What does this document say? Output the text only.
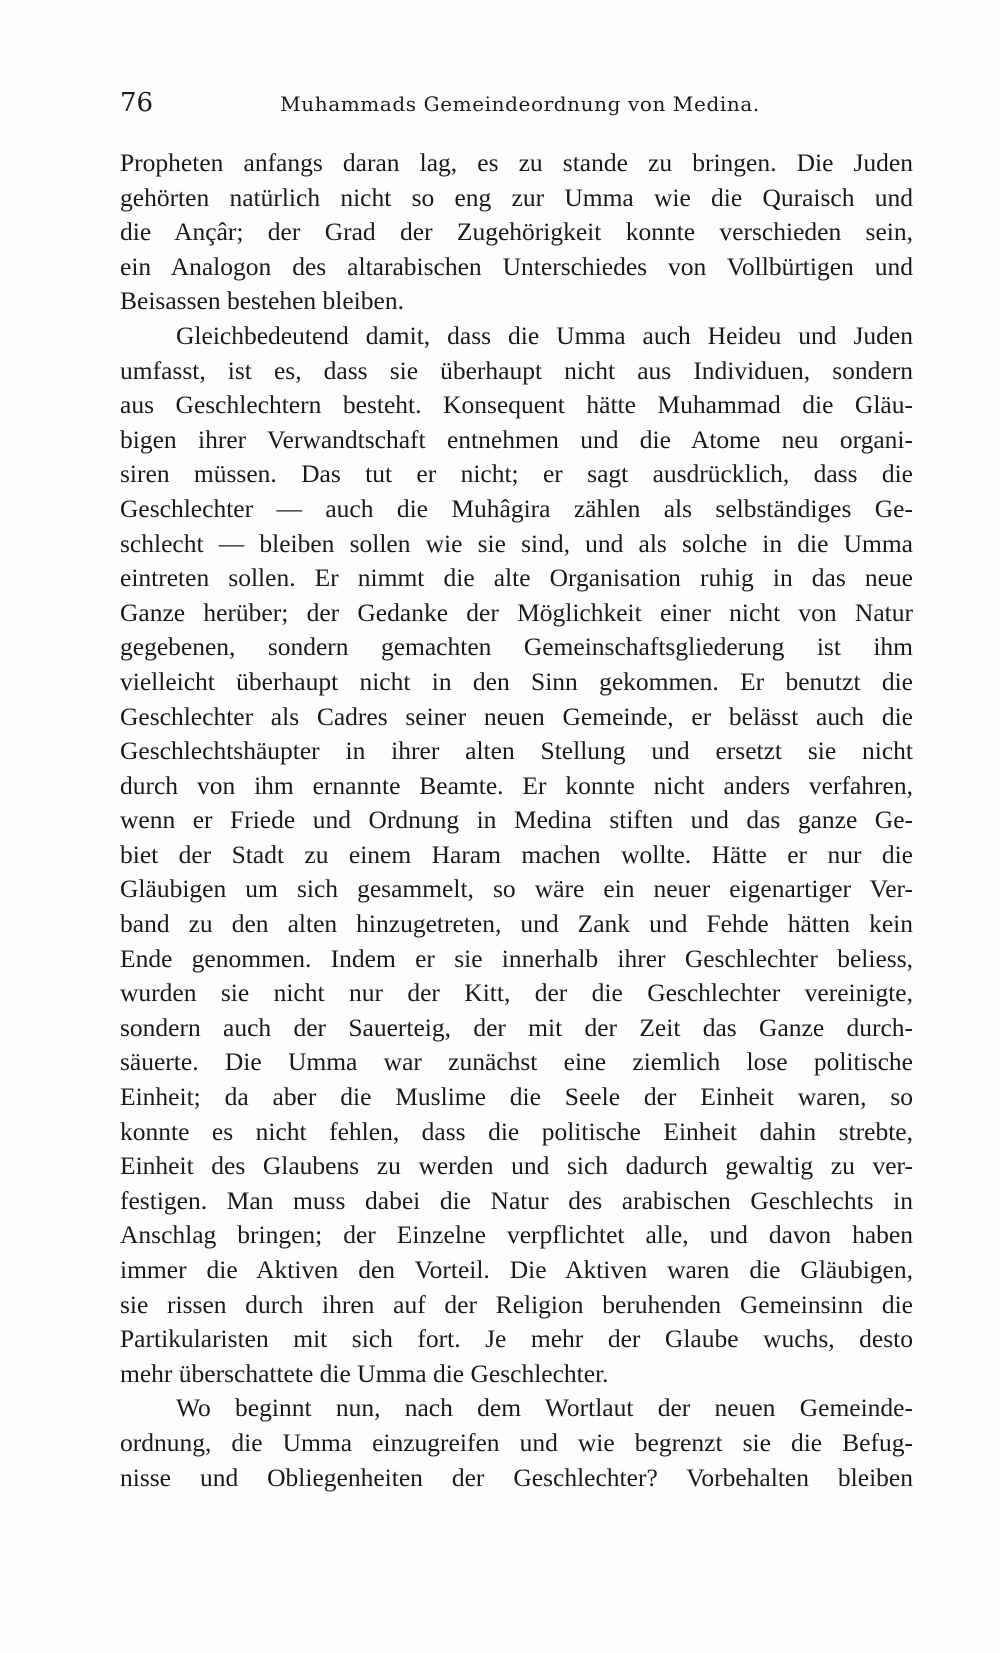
76	Muhammads Gemeindeordnung von Medina.
Propheten anfangs daran lag, es zu stande zu bringen. Die Juden
gehörten natürlich nicht so eng zur Umma wie die Quraisch und
die Ançâr; der Grad der Zugehörigkeit konnte verschieden sein,
ein Analogon des altarabischen Unterschiedes von Vollbürtigen und
Beisassen bestehen bleiben.
Gleichbedeutend damit, dass die Umma auch Heideu und Juden
umfasst, ist es, dass sie überhaupt nicht aus Individuen, sondern
aus Geschlechtern besteht. Konsequent hätte Muhammad die Gläu-
bigen ihrer Verwandtschaft entnehmen und die Atome neu organi-
siren müssen. Das tut er nicht; er sagt ausdrücklich, dass die
Geschlechter — auch die Muhâgira zählen als selbständiges Ge-
schlecht — bleiben sollen wie sie sind, und als solche in die Umma
eintreten sollen. Er nimmt die alte Organisation ruhig in das neue
Ganze herüber; der Gedanke der Möglichkeit einer nicht von Natur
gegebenen, sondern gemachten Gemeinschaftsgliederung ist ihm
vielleicht überhaupt nicht in den Sinn gekommen. Er benutzt die
Geschlechter als Cadres seiner neuen Gemeinde, er belässt auch die
Geschlechtshäupter in ihrer alten Stellung und ersetzt sie nicht
durch von ihm ernannte Beamte. Er konnte nicht anders verfahren,
wenn er Friede und Ordnung in Medina stiften und das ganze Ge-
biet der Stadt zu einem Haram machen wollte. Hätte er nur die
Gläubigen um sich gesammelt, so wäre ein neuer eigenartiger Ver-
band zu den alten hinzugetreten, und Zank und Fehde hätten kein
Ende genommen. Indem er sie innerhalb ihrer Geschlechter beliess,
wurden sie nicht nur der Kitt, der die Geschlechter vereinigte,
sondern auch der Sauerteig, der mit der Zeit das Ganze durch-
säuerte. Die Umma war zunächst eine ziemlich lose politische
Einheit; da aber die Muslime die Seele der Einheit waren, so
konnte es nicht fehlen, dass die politische Einheit dahin strebte,
Einheit des Glaubens zu werden und sich dadurch gewaltig zu ver-
festigen. Man muss dabei die Natur des arabischen Geschlechts in
Anschlag bringen; der Einzelne verpflichtet alle, und davon haben
immer die Aktiven den Vorteil. Die Aktiven waren die Gläubigen,
sie rissen durch ihren auf der Religion beruhenden Gemeinsinn die
Partikularisten mit sich fort. Je mehr der Glaube wuchs, desto
mehr überschattete die Umma die Geschlechter.
Wo beginnt nun, nach dem Wortlaut der neuen Gemeinde-
ordnung, die Umma einzugreifen und wie begrenzt sie die Befug-
nisse und Obliegenheiten der Geschlechter? Vorbehalten bleiben
